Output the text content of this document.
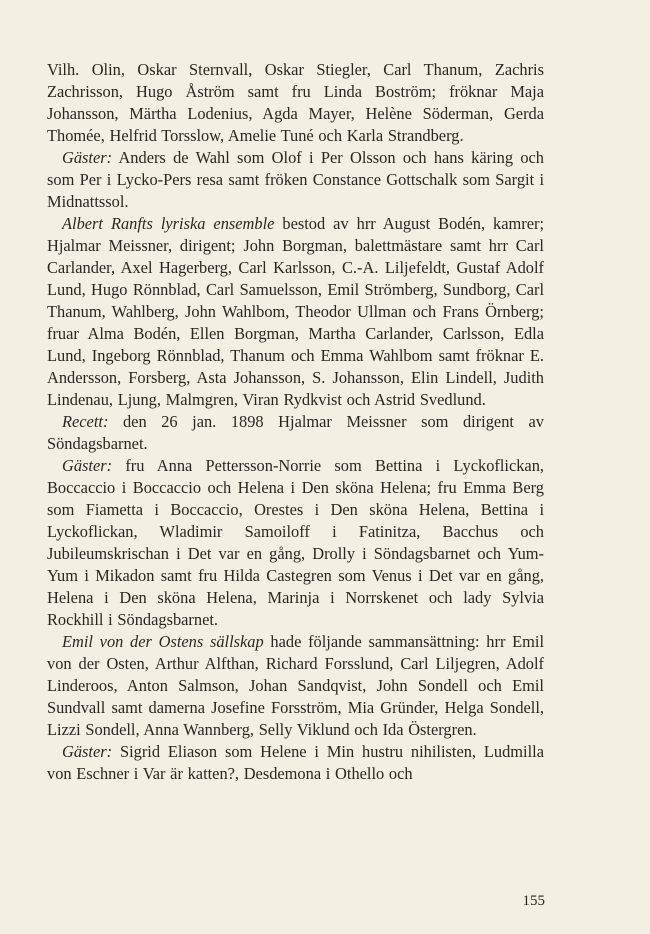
Vilh. Olin, Oskar Sternvall, Oskar Stiegler, Carl Thanum, Zachris Zachrisson, Hugo Åström samt fru Linda Boström; fröknar Maja Johansson, Märtha Lodenius, Agda Mayer, Helène Söderman, Gerda Thomée, Helfrid Torsslow, Amelie Tuné och Karla Strandberg.

Gäster: Anders de Wahl som Olof i Per Olsson och hans käring och som Per i Lycko-Pers resa samt fröken Constance Gottschalk som Sargit i Midnattssol.

Albert Ranfts lyriska ensemble bestod av hrr August Bodén, kamrer; Hjalmar Meissner, dirigent; John Borgman, balettmästare samt hrr Carl Carlander, Axel Hagerberg, Carl Karlsson, C.-A. Liljefeldt, Gustaf Adolf Lund, Hugo Rönnblad, Carl Samuelsson, Emil Strömberg, Sundborg, Carl Thanum, Wahlberg, John Wahlbom, Theodor Ullman och Frans Örnberg; fruar Alma Bodén, Ellen Borgman, Martha Carlander, Carlsson, Edla Lund, Ingeborg Rönnblad, Thanum och Emma Wahlbom samt fröknar E. Andersson, Forsberg, Asta Johansson, S. Johansson, Elin Lindell, Judith Lindenau, Ljung, Malmgren, Viran Rydkvist och Astrid Svedlund.

Recett: den 26 jan. 1898 Hjalmar Meissner som dirigent av Söndagsbarnet.

Gäster: fru Anna Pettersson-Norrie som Bettina i Lyckoflickan, Boccaccio i Boccaccio och Helena i Den sköna Helena; fru Emma Berg som Fiametta i Boccaccio, Orestes i Den sköna Helena, Bettina i Lyckoflickan, Wladimir Samoiloff i Fatinitza, Bacchus och Jubileumskrischan i Det var en gång, Drolly i Söndagsbarnet och Yum-Yum i Mikadon samt fru Hilda Castegren som Venus i Det var en gång, Helena i Den sköna Helena, Marinja i Norrskenet och lady Sylvia Rockhill i Söndagsbarnet.

Emil von der Ostens sällskap hade följande sammansättning: hrr Emil von der Osten, Arthur Alfthan, Richard Forsslund, Carl Liljegren, Adolf Linderoos, Anton Salmson, Johan Sandqvist, John Sondell och Emil Sundvall samt damerna Josefine Forsström, Mia Gründer, Helga Sondell, Lizzi Sondell, Anna Wannberg, Selly Viklund och Ida Östergren.

Gäster: Sigrid Eliason som Helene i Min hustru nihilisten, Ludmilla von Eschner i Var är katten?, Desdemona i Othello och

155
